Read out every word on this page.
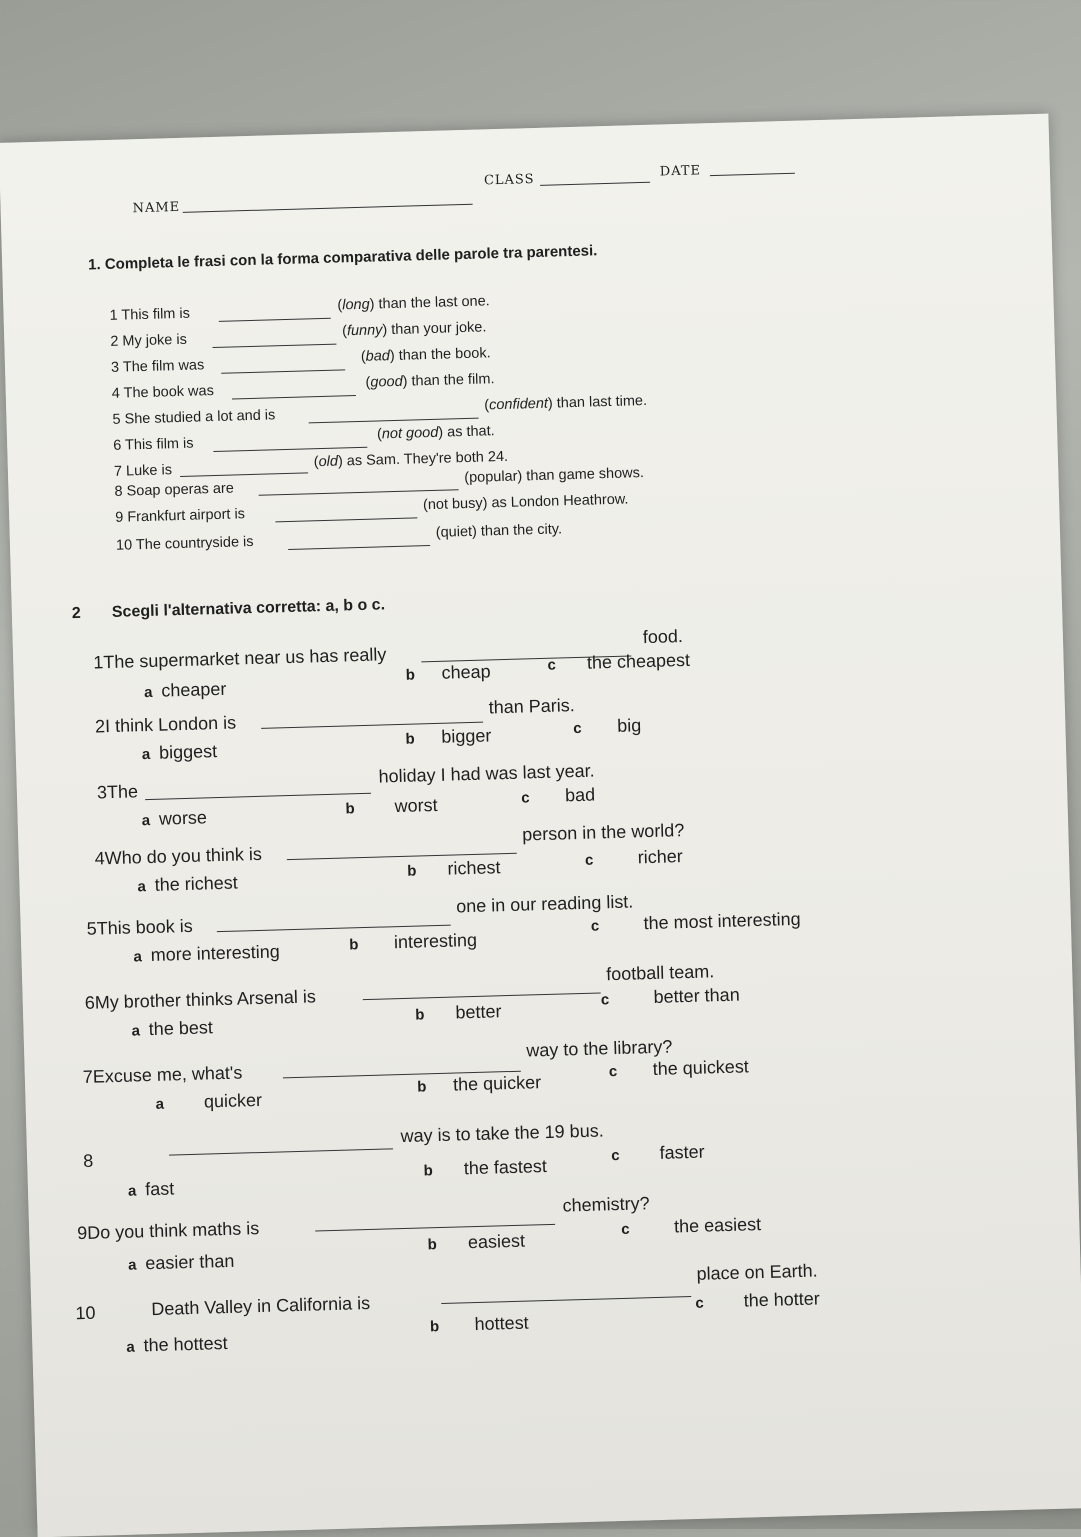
NAME
CLASS
DATE
1. Completa le frasi con la forma comparativa delle parole tra parentesi.
1 This film is
(long) than the last one.
2 My joke is
(funny) than your joke.
3 The film was
(bad) than the book.
4 The book was
(good) than the film.
5 She studied a lot and is
(confident) than last time.
6 This film is
(not good) as that.
7 Luke is
(old) as Sam. They're both 24.
8 Soap operas are
(popular) than game shows.
9 Frankfurt airport is
(not busy) as London Heathrow.
10 The countryside is
(quiet) than the city.
2 Scegli l'alternativa corretta: a, b o c.
1The supermarket near us has really
food.
a cheaper
b cheap	c the cheapest
2I think London is
than Paris.
a biggest
b bigger	c big
3The
holiday I had was last year.
a worse	b worst	c bad
4Who do you think is
person in the world?
a the richest
b richest	c richer
5This book is
one in our reading list.
a more interesting	b interesting
c the most interesting
6My brother thinks Arsenal is
football team.
a the best
b better
c better than
7Excuse me, what's
way to the library?
a quicker
b the quicker
c the quickest
8
way is to take the 19 bus.
a fast
b the fastest
c faster
9Do you think maths is
chemistry?
a easier than
b easiest
c the easiest
10	Death Valley in California is
place on Earth.
a the hottest
b hottest
c the hotter
